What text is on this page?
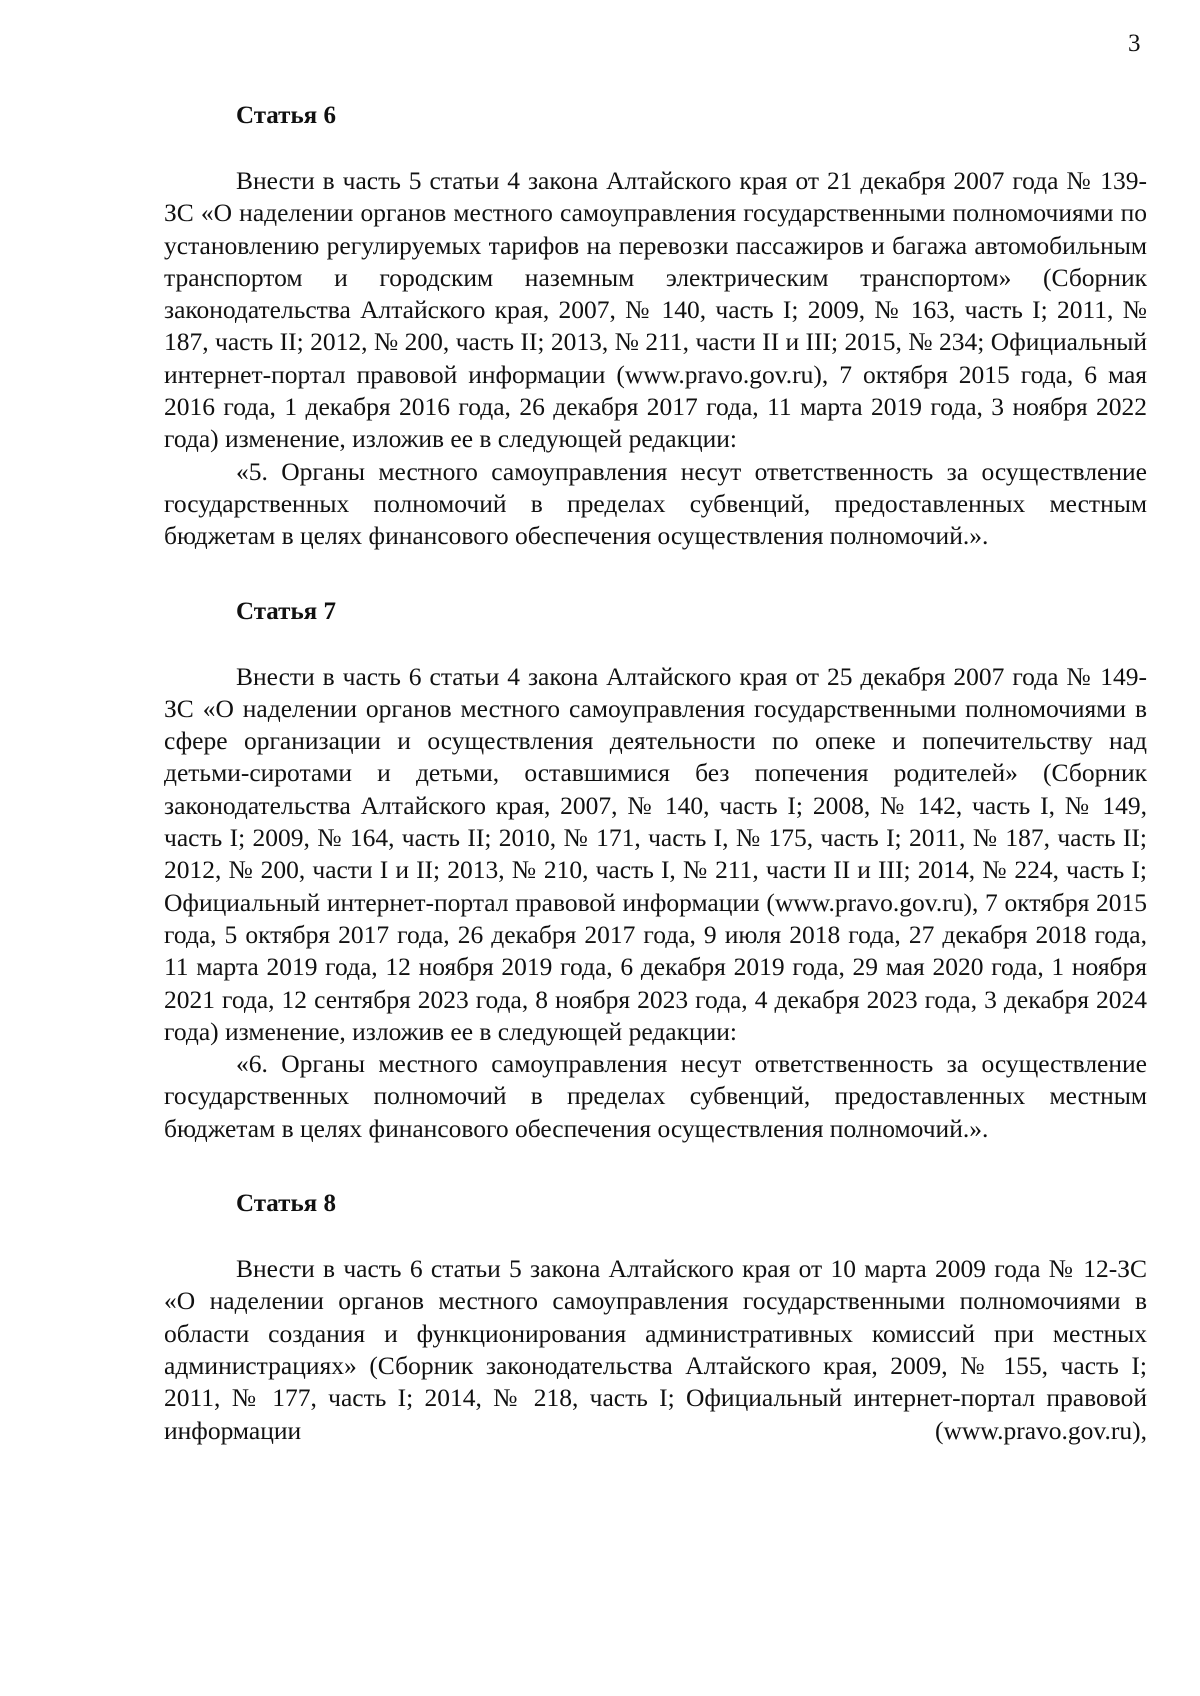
3
Статья 6

Внести в часть 5 статьи 4 закона Алтайского края от 21 декабря 2007 года № 139-ЗС «О наделении органов местного самоуправления государственными полномочиями по установлению регулируемых тарифов на перевозки пассажиров и багажа автомобильным транспортом и городским наземным электрическим транспортом» (Сборник законодательства Алтайского края, 2007, № 140, часть I; 2009, № 163, часть I; 2011, № 187, часть II; 2012, № 200, часть II; 2013, № 211, части II и III; 2015, № 234; Официальный интернет-портал правовой информации (www.pravo.gov.ru), 7 октября 2015 года, 6 мая 2016 года, 1 декабря 2016 года, 26 декабря 2017 года, 11 марта 2019 года, 3 ноября 2022 года) изменение, изложив ее в следующей редакции:

«5. Органы местного самоуправления несут ответственность за осуществление государственных полномочий в пределах субвенций, предоставленных местным бюджетам в целях финансового обеспечения осуществления полномочий.».

Статья 7

Внести в часть 6 статьи 4 закона Алтайского края от 25 декабря 2007 года № 149-ЗС «О наделении органов местного самоуправления государственными полномочиями в сфере организации и осуществления деятельности по опеке и попечительству над детьми-сиротами и детьми, оставшимися без попечения родителей» (Сборник законодательства Алтайского края, 2007, № 140, часть I; 2008, № 142, часть I, № 149, часть I; 2009, № 164, часть II; 2010, № 171, часть I, № 175, часть I; 2011, № 187, часть II; 2012, № 200, части I и II; 2013, № 210, часть I, № 211, части II и III; 2014, № 224, часть I; Официальный интернет-портал правовой информации (www.pravo.gov.ru), 7 октября 2015 года, 5 октября 2017 года, 26 декабря 2017 года, 9 июля 2018 года, 27 декабря 2018 года, 11 марта 2019 года, 12 ноября 2019 года, 6 декабря 2019 года, 29 мая 2020 года, 1 ноября 2021 года, 12 сентября 2023 года, 8 ноября 2023 года, 4 декабря 2023 года, 3 декабря 2024 года) изменение, изложив ее в следующей редакции:

«6. Органы местного самоуправления несут ответственность за осуществление государственных полномочий в пределах субвенций, предоставленных местным бюджетам в целях финансового обеспечения осуществления полномочий.».

Статья 8

Внести в часть 6 статьи 5 закона Алтайского края от 10 марта 2009 года № 12-ЗС «О наделении органов местного самоуправления государственными полномочиями в области создания и функционирования административных комиссий при местных администрациях» (Сборник законодательства Алтайского края, 2009, № 155, часть I; 2011, № 177, часть I; 2014, № 218, часть I; Официальный интернет-портал правовой информации (www.pravo.gov.ru),
